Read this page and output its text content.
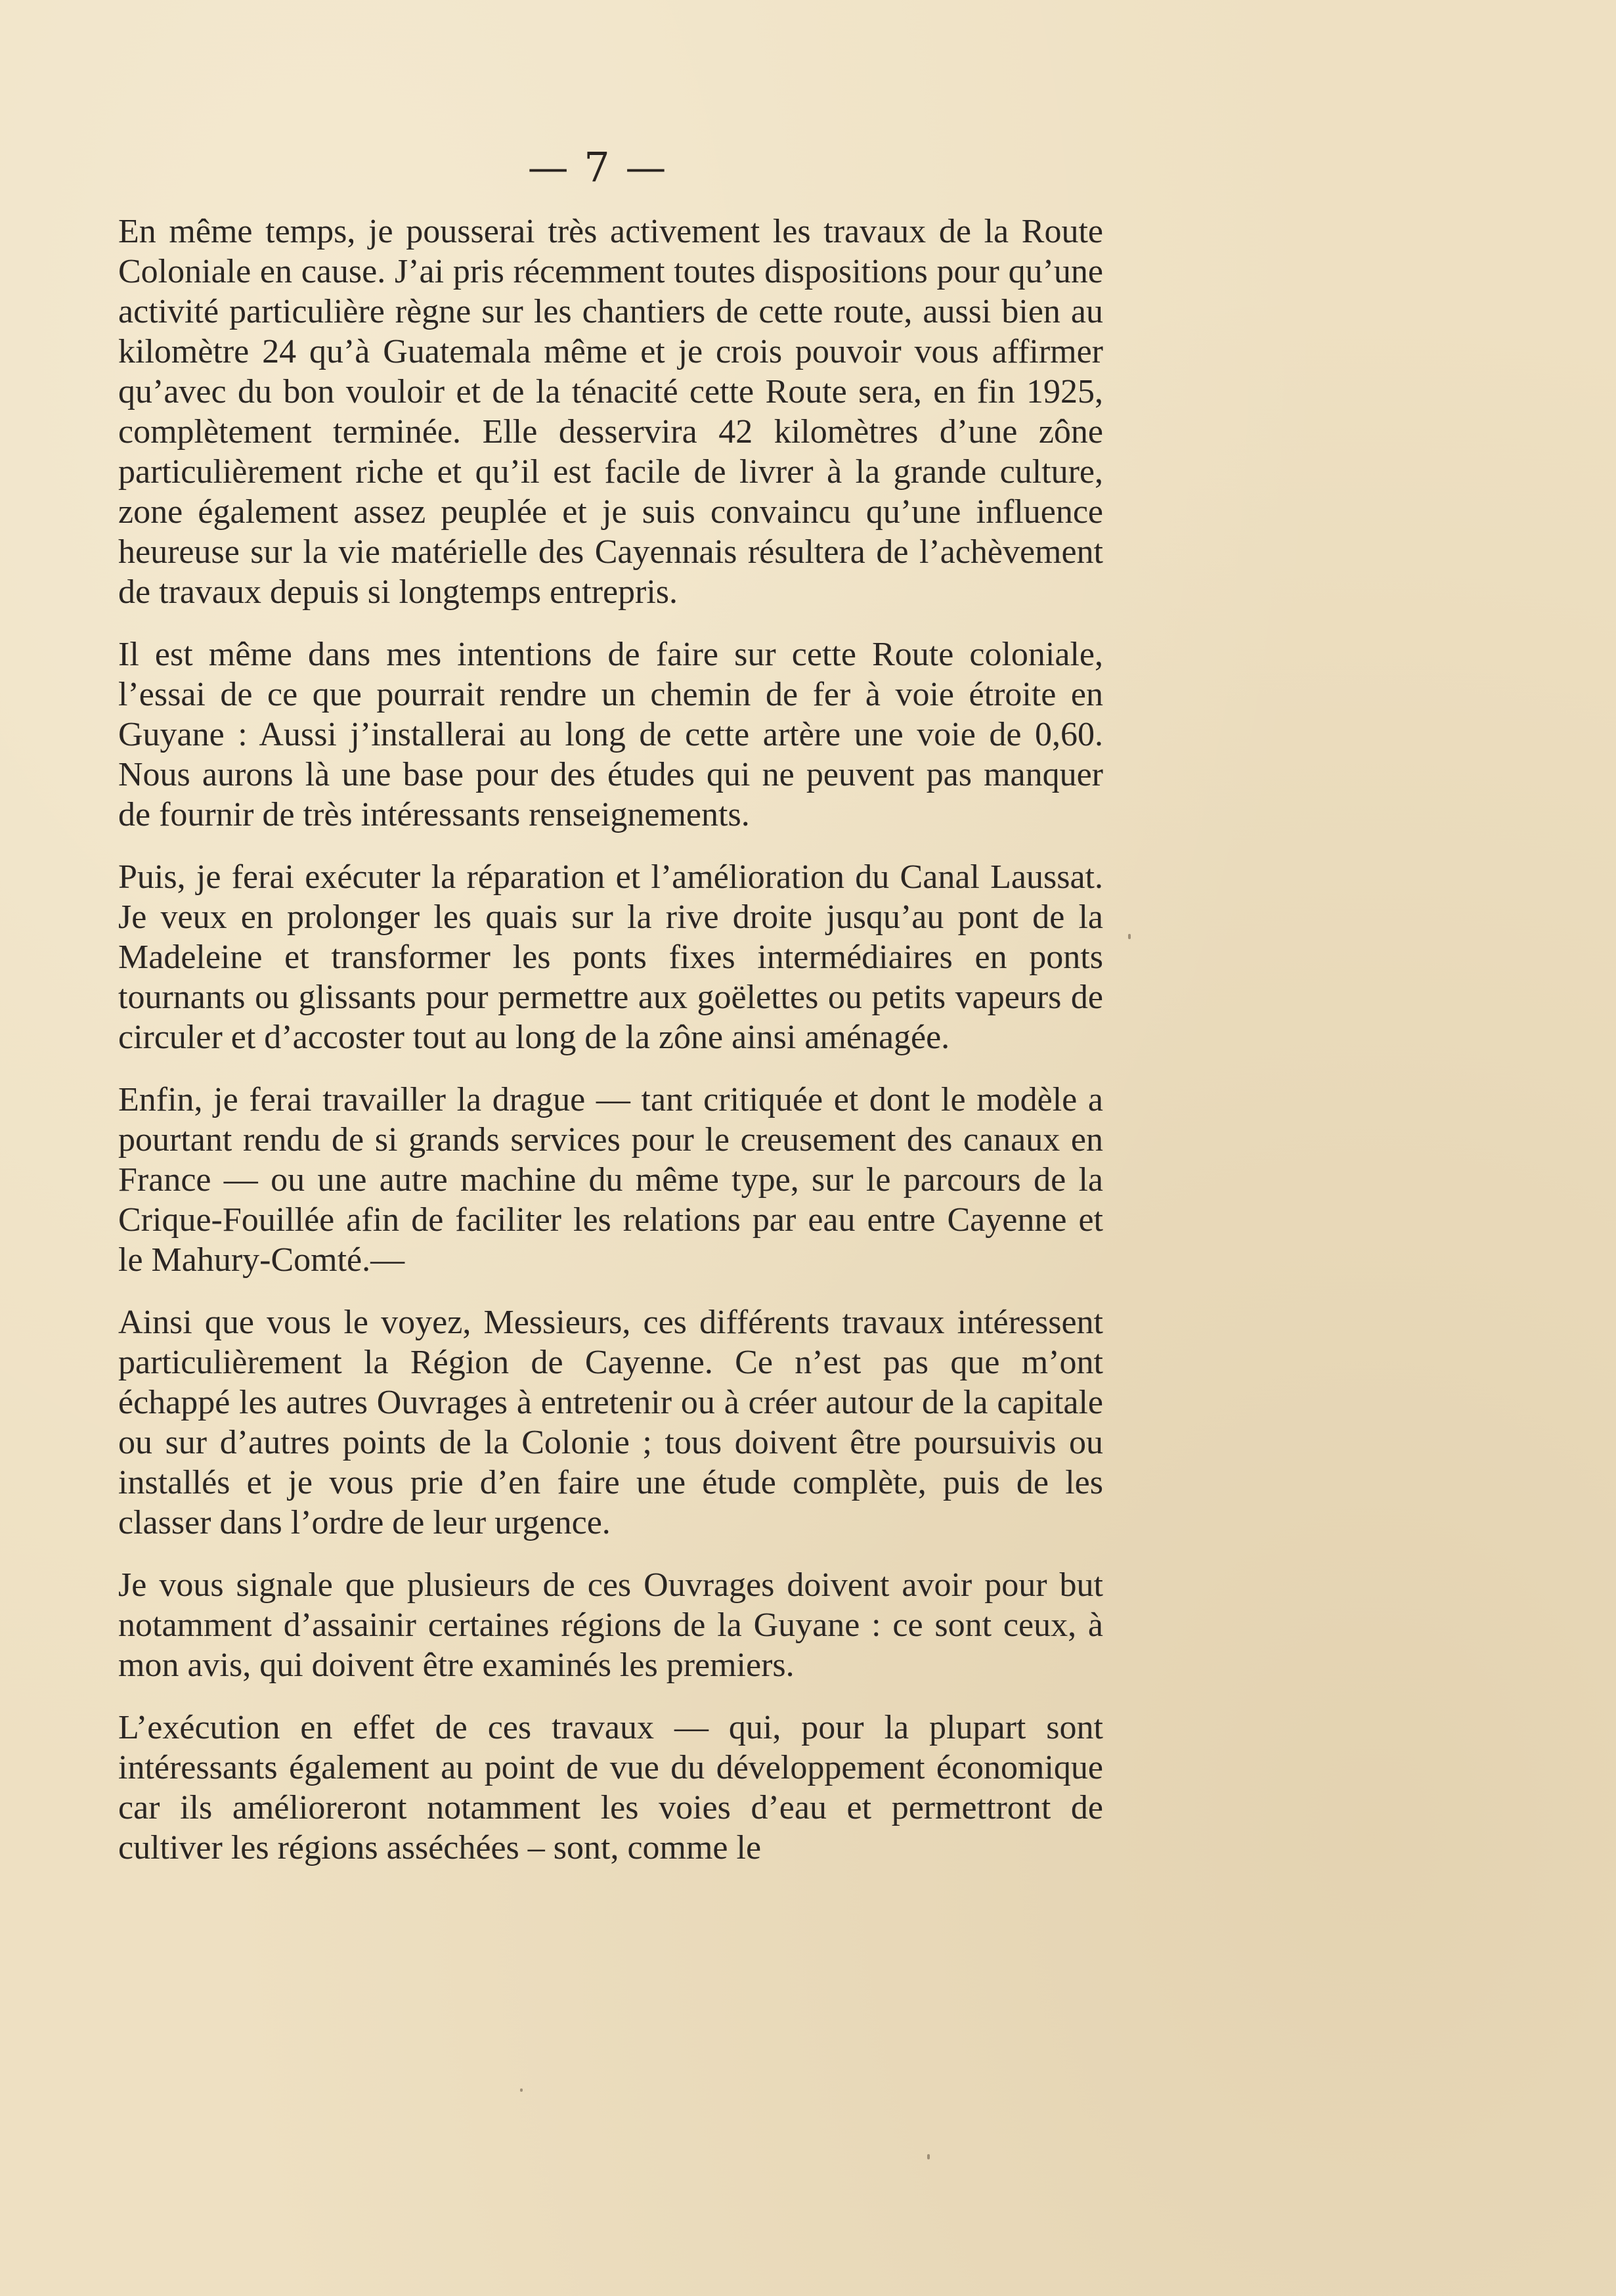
— 7 —

En même temps, je pousserai très activement les travaux de la Route Coloniale en cause. J’ai pris récemment toutes dispositions pour qu’une activité particulière règne sur les chantiers de cette route, aussi bien au kilomètre 24 qu’à Guatemala même et je crois pouvoir vous affirmer qu’avec du bon vouloir et de la ténacité cette Route sera, en fin 1925, complètement terminée. Elle desservira 42 kilomètres d’une zône particulièrement riche et qu’il est facile de livrer à la grande culture, zone également assez peuplée et je suis convaincu qu’une influence heureuse sur la vie matérielle des Cayennais résultera de l’achèvement de travaux depuis si longtemps entrepris.

Il est même dans mes intentions de faire sur cette Route coloniale, l’essai de ce que pourrait rendre un chemin de fer à voie étroite en Guyane : Aussi j’installerai au long de cette artère une voie de 0,60. Nous aurons là une base pour des études qui ne peuvent pas manquer de fournir de très intéressants renseignements.

Puis, je ferai exécuter la réparation et l’amélioration du Canal Laussat. Je veux en prolonger les quais sur la rive droite jusqu’au pont de la Madeleine et transformer les ponts fixes intermédiaires en ponts tournants ou glissants pour permettre aux goëlettes ou petits vapeurs de circuler et d’accoster tout au long de la zône ainsi aménagée.

Enfin, je ferai travailler la drague — tant critiquée et dont le modèle a pourtant rendu de si grands services pour le creusement des canaux en France — ou une autre machine du même type, sur le parcours de la Crique-Fouillée afin de faciliter les relations par eau entre Cayenne et le Mahury-Comté.—

Ainsi que vous le voyez, Messieurs, ces différents travaux intéressent particulièrement la Région de Cayenne. Ce n’est pas que m’ont échappé les autres Ouvrages à entretenir ou à créer autour de la capitale ou sur d’autres points de la Colonie ; tous doivent être poursuivis ou installés et je vous prie d’en faire une étude complète, puis de les classer dans l’ordre de leur urgence.

Je vous signale que plusieurs de ces Ouvrages doivent avoir pour but notamment d’assainir certaines régions de la Guyane : ce sont ceux, à mon avis, qui doivent être examinés les premiers.

L’exécution en effet de ces travaux — qui, pour la plupart sont intéressants également au point de vue du développement économique car ils amélioreront notamment les voies d’eau et permettront de cultiver les régions asséchées – sont, comme le
